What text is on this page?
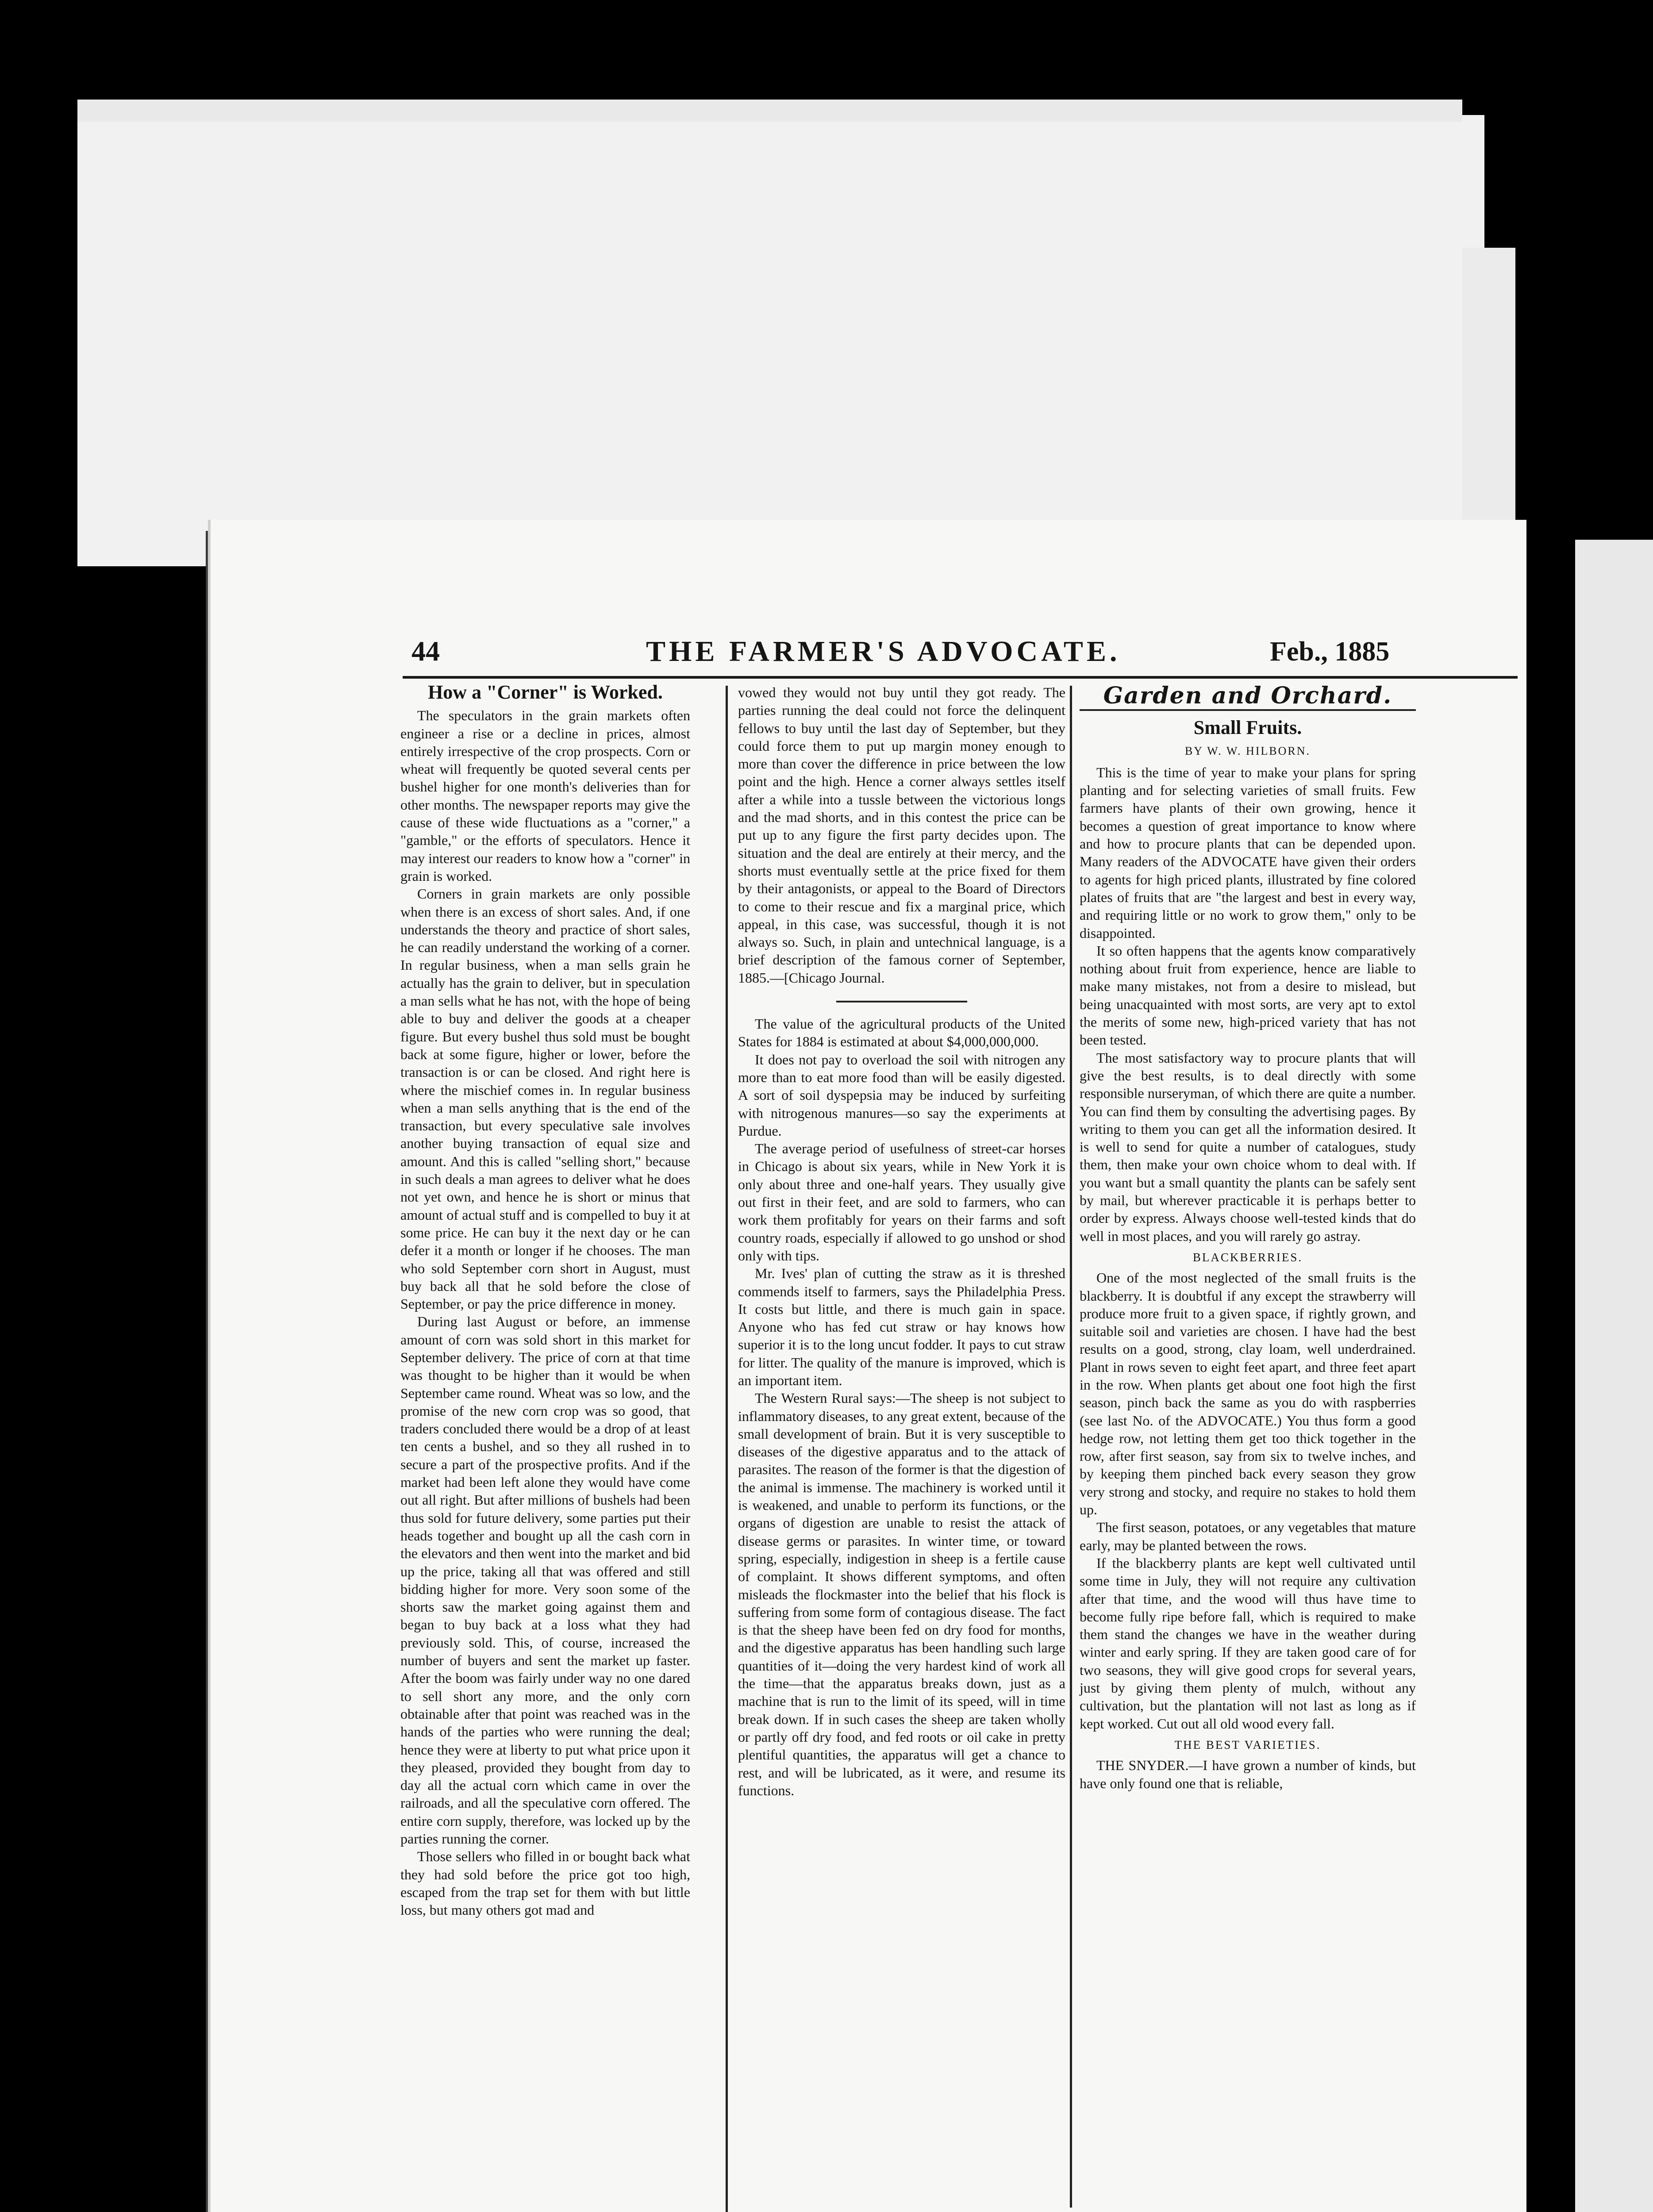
44	THE FARMER'S ADVOCATE.	Feb., 1885
How a "Corner" is Worked.

The speculators in the grain markets often engineer a rise or a decline in prices, almost entirely irrespective of the crop prospects. Corn or wheat will frequently be quoted several cents per bushel higher for one month's deliveries than for other months. The newspaper reports may give the cause of these wide fluctuations as a "corner," a "gamble," or the efforts of speculators. Hence it may interest our readers to know how a "corner" in grain is worked.

Corners in grain markets are only possible when there is an excess of short sales. And, if one understands the theory and practice of short sales, he can readily understand the working of a corner. In regular business, when a man sells grain he actually has the grain to deliver, but in speculation a man sells what he has not, with the hope of being able to buy and deliver the goods at a cheaper figure. But every bushel thus sold must be bought back at some figure, higher or lower, before the transaction is or can be closed. And right here is where the mischief comes in. In regular business when a man sells anything that is the end of the transaction, but every speculative sale involves another buying transaction of equal size and amount. And this is called "selling short," because in such deals a man agrees to deliver what he does not yet own, and hence he is short or minus that amount of actual stuff and is compelled to buy it at some price. He can buy it the next day or he can defer it a month or longer if he chooses. The man who sold September corn short in August, must buy back all that he sold before the close of September, or pay the price difference in money.

During last August or before, an immense amount of corn was sold short in this market for September delivery. The price of corn at that time was thought to be higher than it would be when September came round. Wheat was so low, and the promise of the new corn crop was so good, that traders concluded there would be a drop of at least ten cents a bushel, and so they all rushed in to secure a part of the prospective profits. And if the market had been left alone they would have come out all right. But after millions of bushels had been thus sold for future delivery, some parties put their heads together and bought up all the cash corn in the elevators and then went into the market and bid up the price, taking all that was offered and still bidding higher for more. Very soon some of the shorts saw the market going against them and began to buy back at a loss what they had previously sold. This, of course, increased the number of buyers and sent the market up faster. After the boom was fairly under way no one dared to sell short any more, and the only corn obtainable after that point was reached was in the hands of the parties who were running the deal; hence they were at liberty to put what price upon it they pleased, provided they bought from day to day all the actual corn which came in over the railroads, and all the speculative corn offered. The entire corn supply, therefore, was locked up by the parties running the corner.

Those sellers who filled in or bought back what they had sold before the price got too high, escaped from the trap set for them with but little loss, but many others got mad and

vowed they would not buy until they got ready. The parties running the deal could not force the delinquent fellows to buy until the last day of September, but they could force them to put up margin money enough to more than cover the difference in price between the low point and the high. Hence a corner always settles itself after a while into a tussle between the victorious longs and the mad shorts, and in this contest the price can be put up to any figure the first party decides upon. The situation and the deal are entirely at their mercy, and the shorts must eventually settle at the price fixed for them by their antagonists, or appeal to the Board of Directors to come to their rescue and fix a marginal price, which appeal, in this case, was successful, though it is not always so. Such, in plain and untechnical language, is a brief description of the famous corner of September, 1885.—[Chicago Journal.

The value of the agricultural products of the United States for 1884 is estimated at about $4,000,000,000.

It does not pay to overload the soil with nitrogen any more than to eat more food than will be easily digested. A sort of soil dyspepsia may be induced by surfeiting with nitrogenous manures—so say the experiments at Purdue.

The average period of usefulness of street-car horses in Chicago is about six years, while in New York it is only about three and one-half years. They usually give out first in their feet, and are sold to farmers, who can work them profitably for years on their farms and soft country roads, especially if allowed to go unshod or shod only with tips.

Mr. Ives' plan of cutting the straw as it is threshed commends itself to farmers, says the Philadelphia Press. It costs but little, and there is much gain in space. Anyone who has fed cut straw or hay knows how superior it is to the long uncut fodder. It pays to cut straw for litter. The quality of the manure is improved, which is an important item.

The Western Rural says:—The sheep is not subject to inflammatory diseases, to any great extent, because of the small development of brain. But it is very susceptible to diseases of the digestive apparatus and to the attack of parasites. The reason of the former is that the digestion of the animal is immense. The machinery is worked until it is weakened, and unable to perform its functions, or the organs of digestion are unable to resist the attack of disease germs or parasites. In winter time, or toward spring, especially, indigestion in sheep is a fertile cause of complaint. It shows different symptoms, and often misleads the flockmaster into the belief that his flock is suffering from some form of contagious disease. The fact is that the sheep have been fed on dry food for months, and the digestive apparatus has been handling such large quantities of it—doing the very hardest kind of work all the time—that the apparatus breaks down, just as a machine that is run to the limit of its speed, will in time break down. If in such cases the sheep are taken wholly or partly off dry food, and fed roots or oil cake in pretty plentiful quantities, the apparatus will get a chance to rest, and will be lubricated, as it were, and resume its functions.

Garden and Orchard.
Small Fruits.
BY W. W. HILBORN.

This is the time of year to make your plans for spring planting and for selecting varieties of small fruits. Few farmers have plants of their own growing, hence it becomes a question of great importance to know where and how to procure plants that can be depended upon. Many readers of the ADVOCATE have given their orders to agents for high priced plants, illustrated by fine colored plates of fruits that are "the largest and best in every way, and requiring little or no work to grow them," only to be disappointed.

It so often happens that the agents know comparatively nothing about fruit from experience, hence are liable to make many mistakes, not from a desire to mislead, but being unacquainted with most sorts, are very apt to extol the merits of some new, high-priced variety that has not been tested.

The most satisfactory way to procure plants that will give the best results, is to deal directly with some responsible nurseryman, of which there are quite a number. You can find them by consulting the advertising pages. By writing to them you can get all the information desired. It is well to send for quite a number of catalogues, study them, then make your own choice whom to deal with. If you want but a small quantity the plants can be safely sent by mail, but wherever practicable it is perhaps better to order by express. Always choose well-tested kinds that do well in most places, and you will rarely go astray.

BLACKBERRIES.

One of the most neglected of the small fruits is the blackberry. It is doubtful if any except the strawberry will produce more fruit to a given space, if rightly grown, and suitable soil and varieties are chosen. I have had the best results on a good, strong, clay loam, well underdrained. Plant in rows seven to eight feet apart, and three feet apart in the row. When plants get about one foot high the first season, pinch back the same as you do with raspberries (see last No. of the ADVOCATE.) You thus form a good hedge row, not letting them get too thick together in the row, after first season, say from six to twelve inches, and by keeping them pinched back every season they grow very strong and stocky, and require no stakes to hold them up.

The first season, potatoes, or any vegetables that mature early, may be planted between the rows.

If the blackberry plants are kept well cultivated until some time in July, they will not require any cultivation after that time, and the wood will thus have time to become fully ripe before fall, which is required to make them stand the changes we have in the weather during winter and early spring. If they are taken good care of for two seasons, they will give good crops for several years, just by giving them plenty of mulch, without any cultivation, but the plantation will not last as long as if kept worked. Cut out all old wood every fall.

THE BEST VARIETIES.

THE SNYDER.—I have grown a number of kinds, but have only found one that is reliable,
